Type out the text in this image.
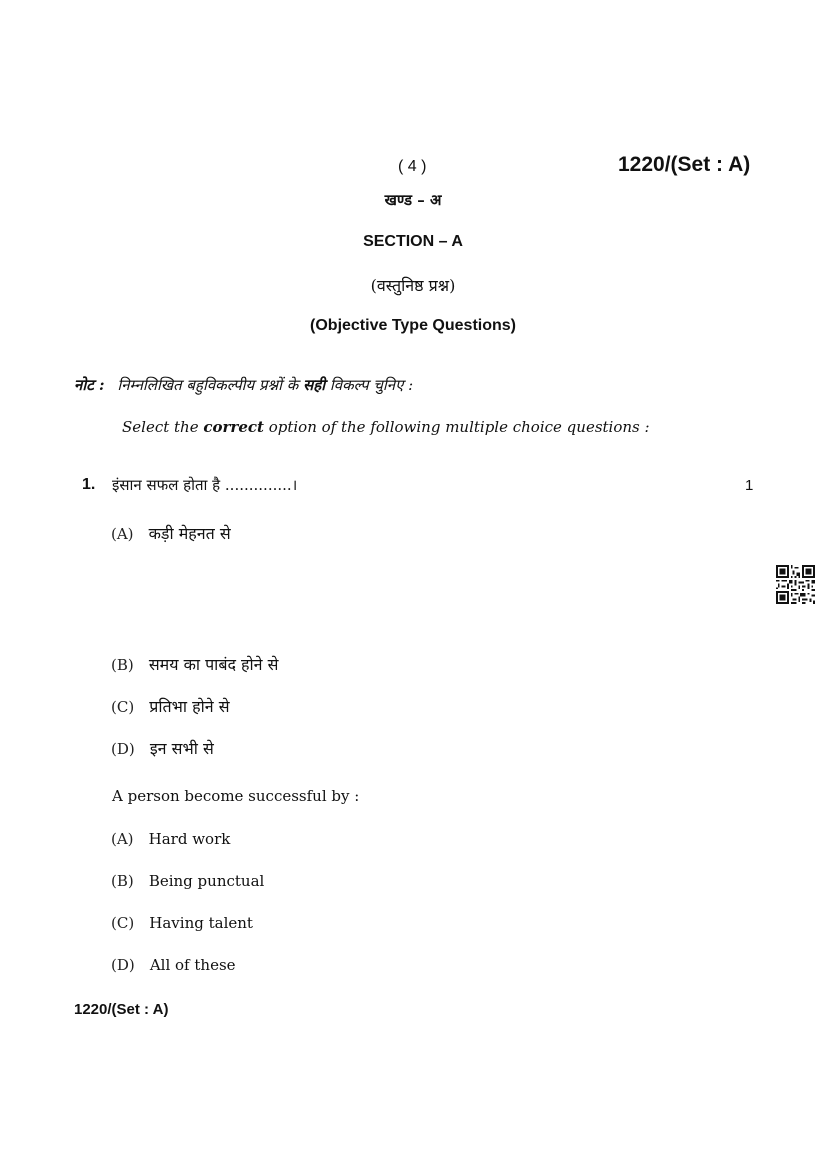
( 4 )	1220/(Set : A)
खण्ड – अ
SECTION – A
(वस्तुनिष्ठ प्रश्न)
(Objective Type Questions)
नोट : निम्नलिखित बहुविकल्पीय प्रश्नों के सही विकल्प चुनिए :
Select the correct option of the following multiple choice questions :
1. इंसान सफल होता है ..............।	1
(A) कड़ी मेहनत से
(B) समय का पाबंद होने से
(C) प्रतिभा होने से
(D) इन सभी से
A person become successful by :
(A) Hard work
(B) Being punctual
(C) Having talent
(D) All of these
1220/(Set : A)
